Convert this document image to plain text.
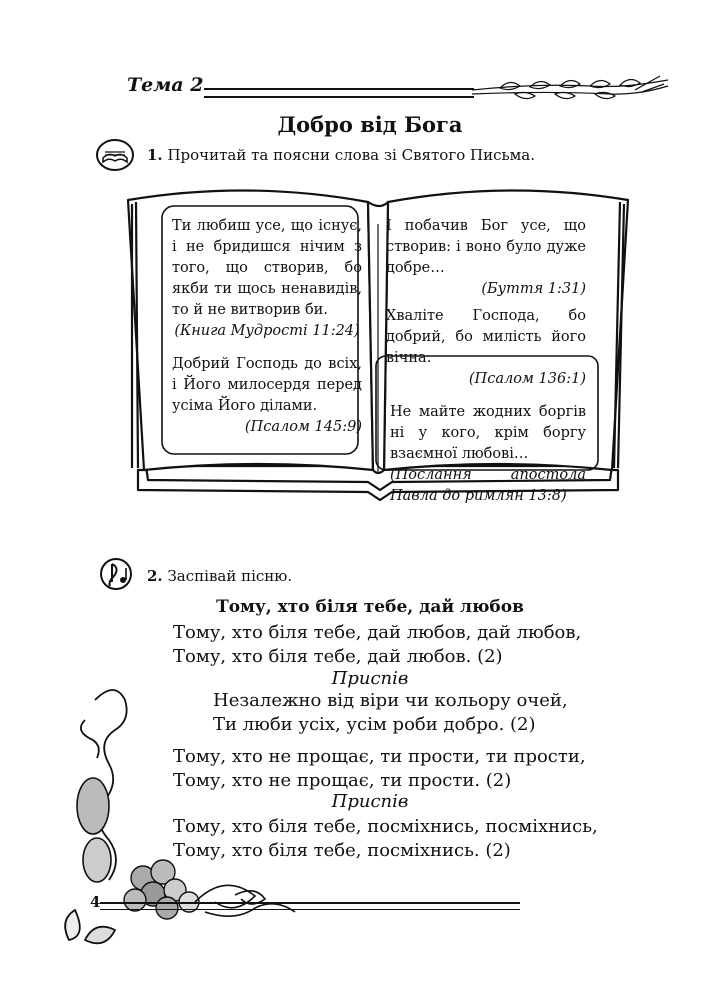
Тема 2
Добро від Бога
1. Прочитай та поясни слова зі Святого Письма.
Ти любиш усе, що існує, і не бридишся нічим з того, що створив, бо якби ти щось ненавидів, то й не витворив би.
(Книга Мудрості 11:24)
Добрий Господь до всіх, і Його милосердя перед усіма Його ділами.
(Псалом 145:9)
І побачив Бог усе, що створив: і воно було дуже добре…
(Буття 1:31)
Хваліте Господа, бо добрий, бо милість його вічна.
(Псалом 136:1)
Не майте жодних боргів ні у кого, крім боргу взаємної любові…
(Послання апостола Павла до римлян 13:8)
2. Заспівай пісню.
Тому, хто біля тебе, дай любов
Тому, хто біля тебе, дай любов, дай любов,
Тому, хто біля тебе, дай любов. (2)
Приспів
Незалежно від віри чи кольору очей,
Ти люби усіх, усім роби добро. (2)
Тому, хто не прощає, ти прости, ти прости,
Тому, хто не прощає, ти прости. (2)
Приспів
Тому, хто біля тебе, посміхнись, посміхнись,
Тому, хто біля тебе, посміхнись. (2)
4
